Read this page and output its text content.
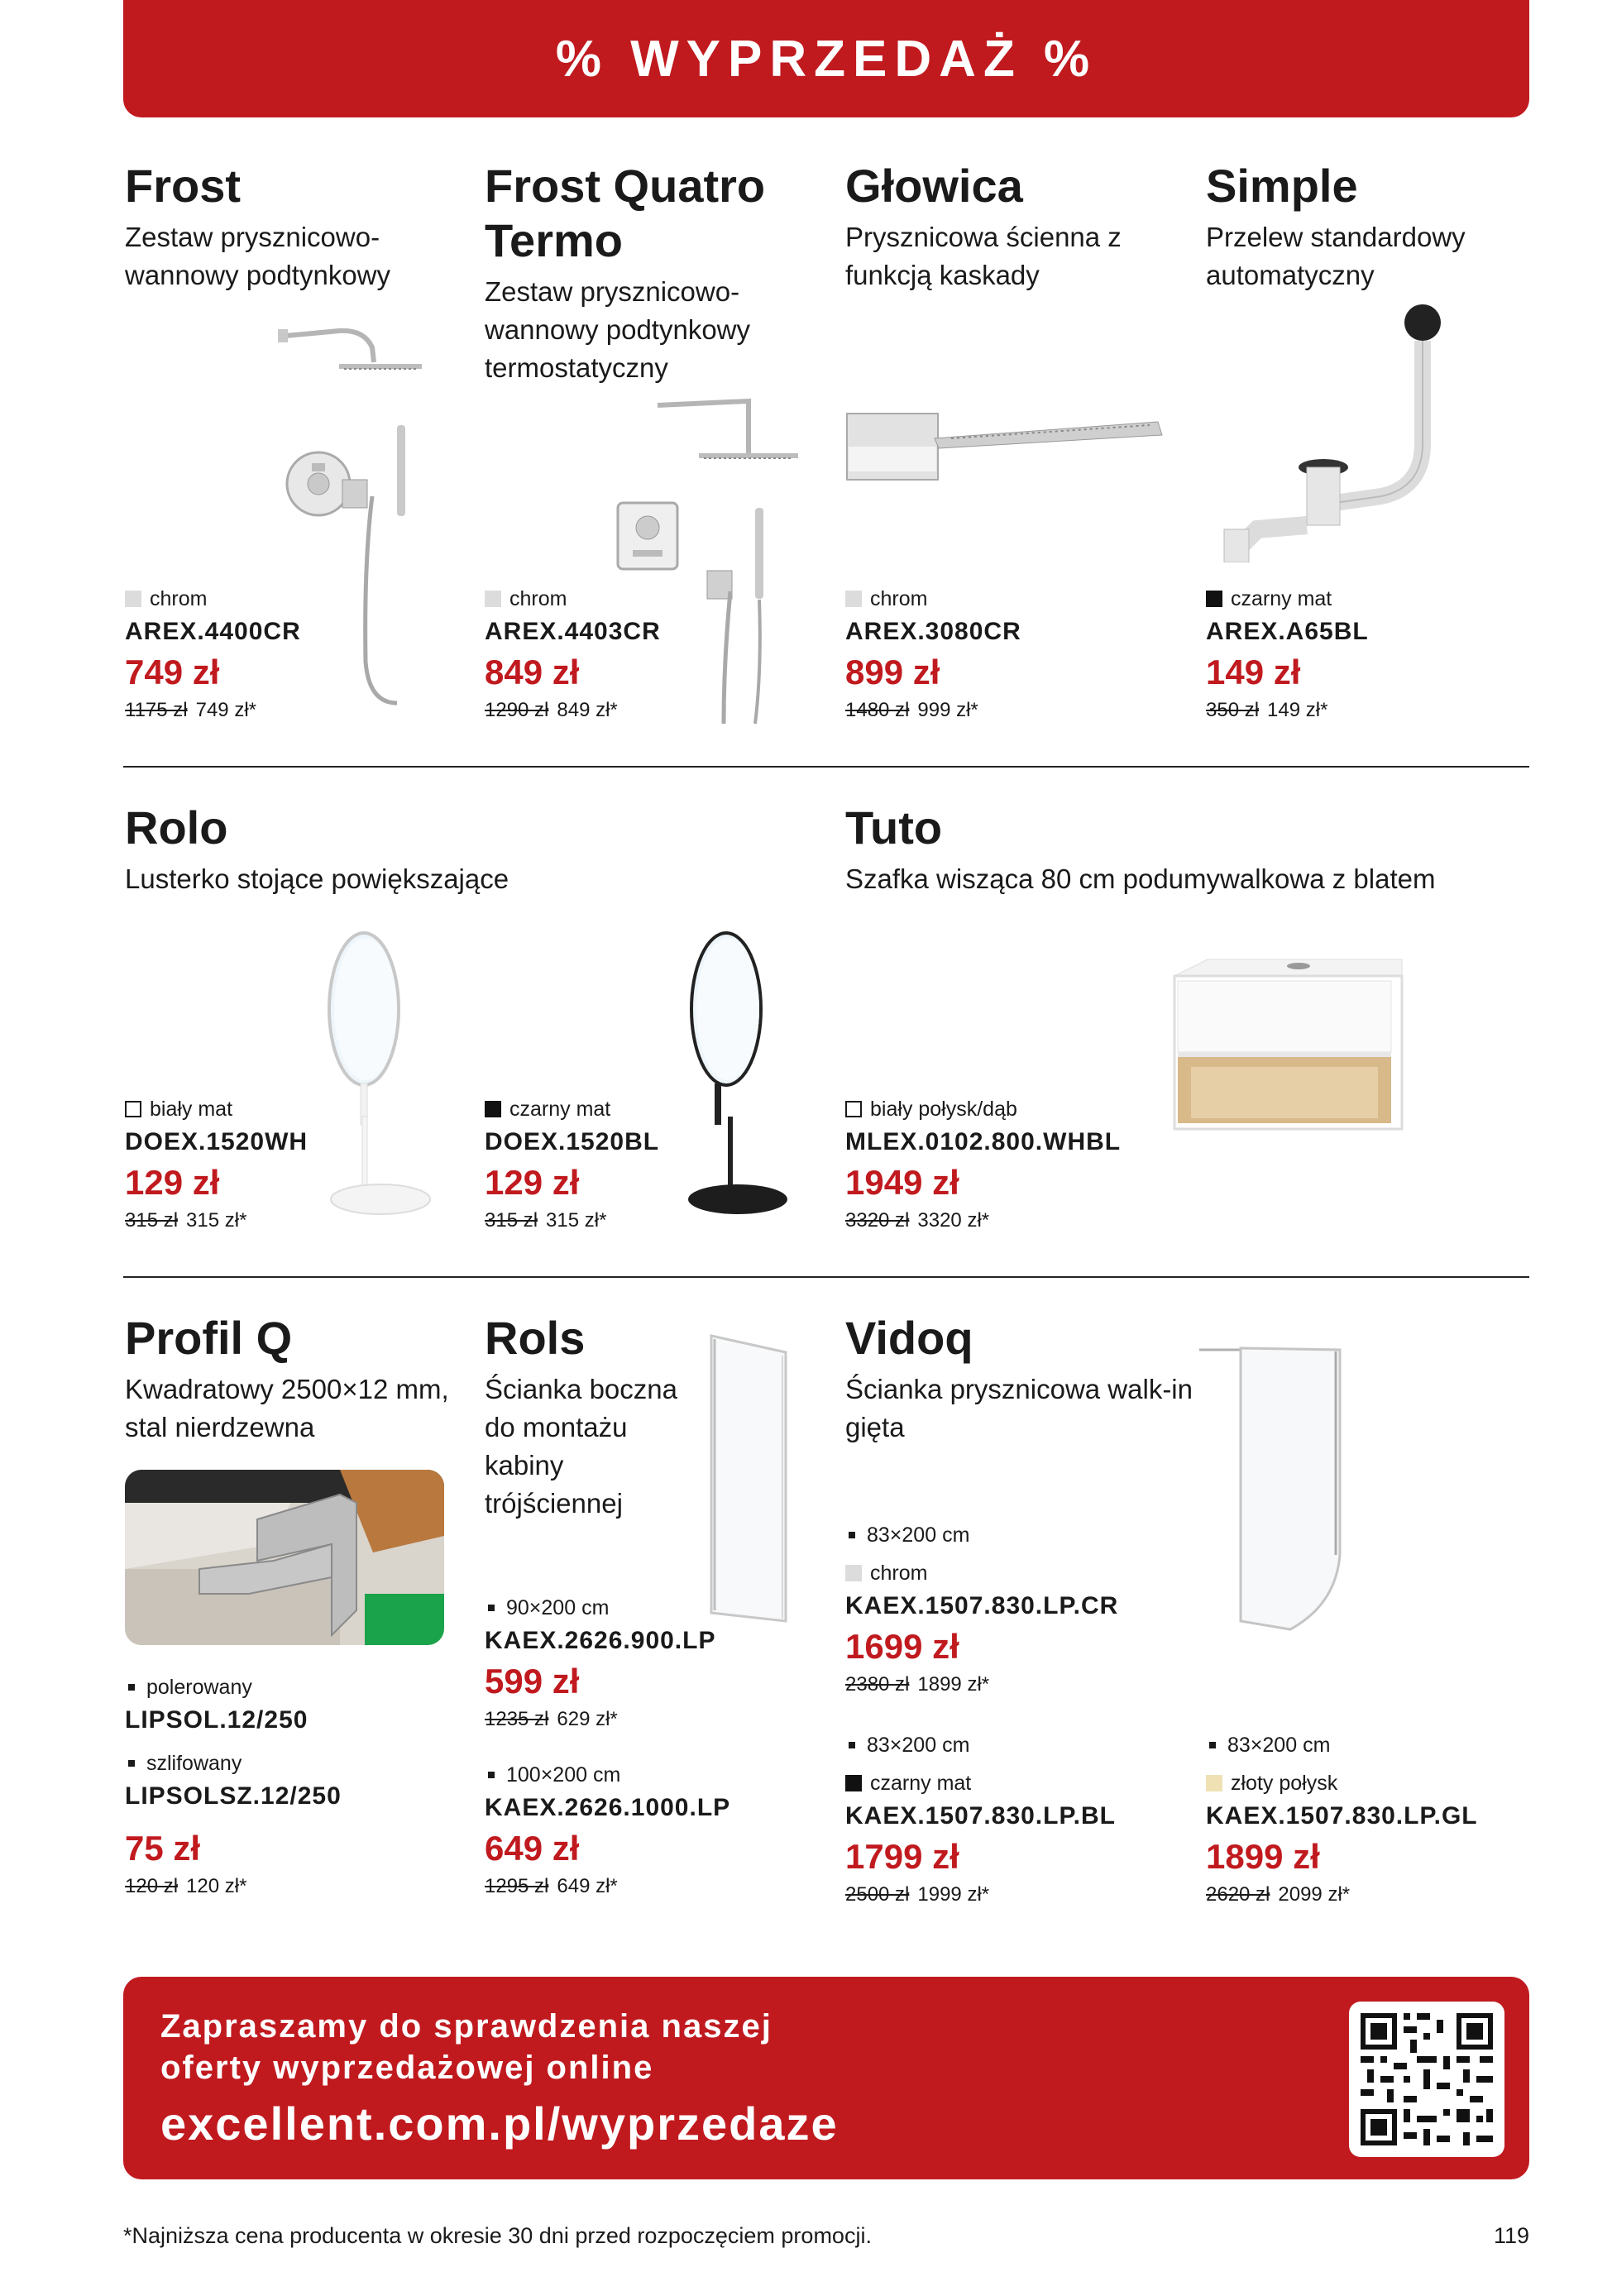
% WYPRZEDAŻ %
Frost
Zestaw prysznicowo-wannowy podtynkowy
chrom
AREX.4400CR
749 zł
1175 zł 749 zł*
Frost Quatro Termo
Zestaw prysznicowo-wannowy podtynkowy termostatyczny
chrom
AREX.4403CR
849 zł
1290 zł 849 zł*
Głowica
Prysznicowa ścienna z funkcją kaskady
chrom
AREX.3080CR
899 zł
1480 zł 999 zł*
Simple
Przelew standardowy automatyczny
czarny mat
AREX.A65BL
149 zł
350 zł 149 zł*
Rolo
Lusterko stojące powiększające
biały mat
DOEX.1520WH
129 zł
315 zł 315 zł*
czarny mat
DOEX.1520BL
129 zł
315 zł 315 zł*
Tuto
Szafka wisząca 80 cm podumywalkowa z blatem
biały połysk/dąb
MLEX.0102.800.WHBL
1949 zł
3320 zł 3320 zł*
Profil Q
Kwadratowy 2500×12 mm, stal nierdzewna
polerowany
LIPSOL.12/250
szlifowany
LIPSOLSZ.12/250
75 zł
120 zł 120 zł*
Rols
Ścianka boczna do montażu kabiny trójściennej
90×200 cm
KAEX.2626.900.LP
599 zł
1235 zł 629 zł*
100×200 cm
KAEX.2626.1000.LP
649 zł
1295 zł 649 zł*
Vidoq
Ścianka prysznicowa walk-in gięta
83×200 cm
chrom
KAEX.1507.830.LP.CR
1699 zł
2380 zł 1899 zł*
83×200 cm
czarny mat
KAEX.1507.830.LP.BL
1799 zł
2500 zł 1999 zł*
83×200 cm
złoty połysk
KAEX.1507.830.LP.GL
1899 zł
2620 zł 2099 zł*
Zapraszamy do sprawdzenia naszej
oferty wyprzedażowej online
excellent.com.pl/wyprzedaze
*Najniższa cena producenta w okresie 30 dni przed rozpoczęciem promocji.	119
